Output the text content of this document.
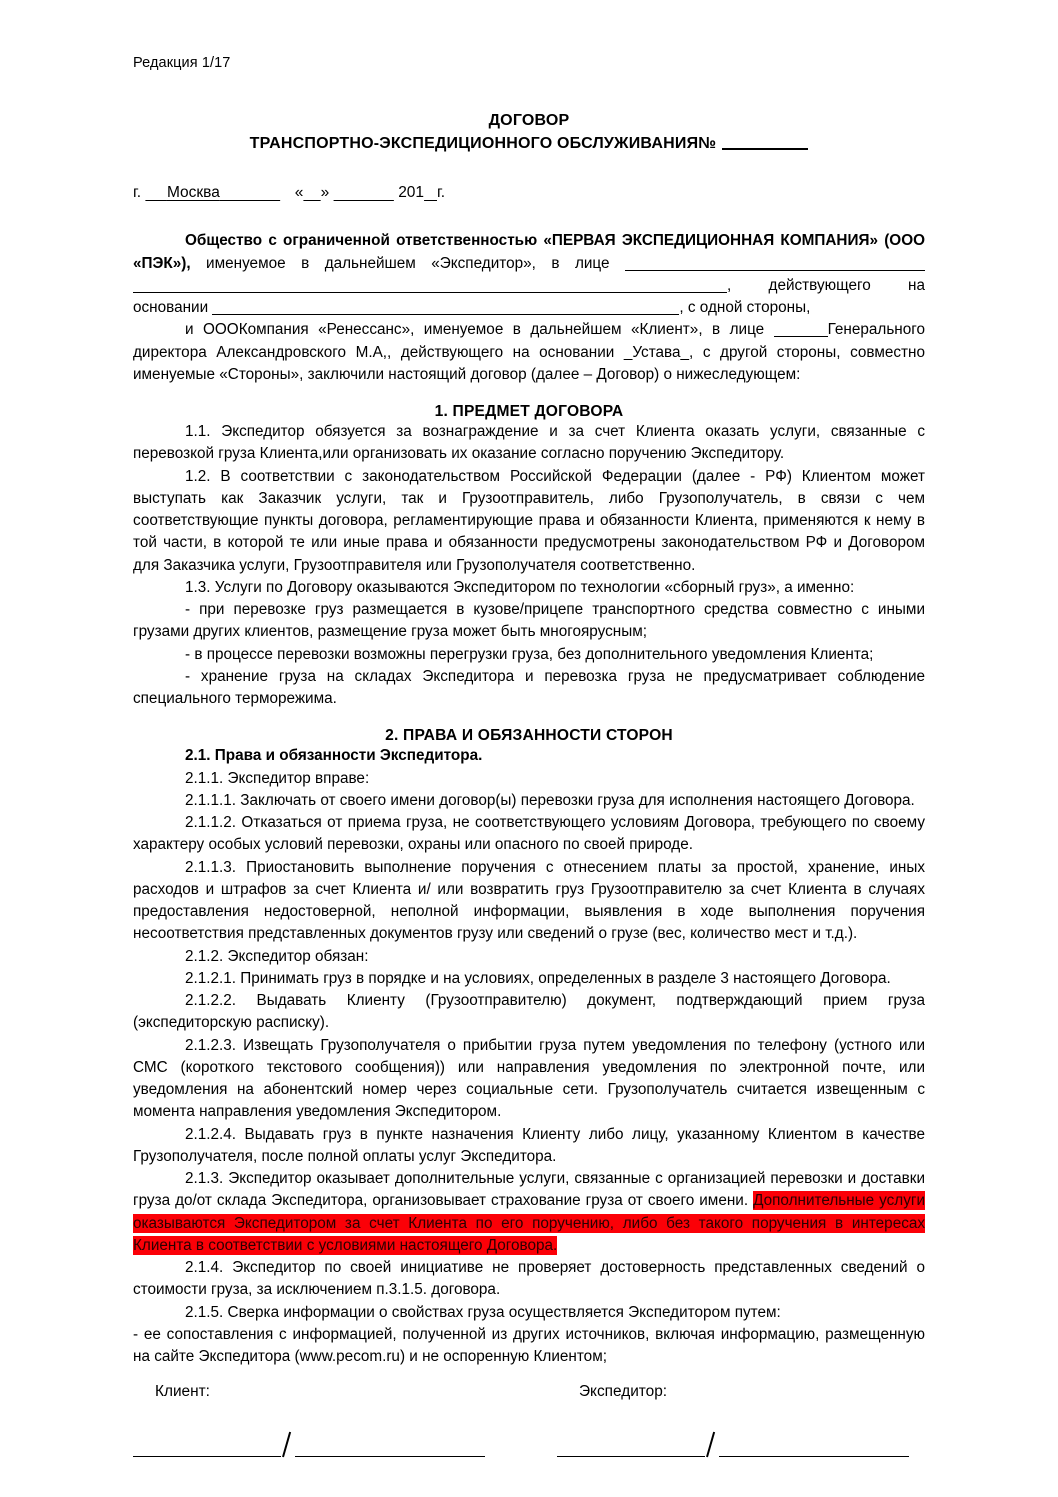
Редакция 1/17
ДОГОВОР
ТРАНСПОРТНО-ЭКСПЕДИЦИОННОГО ОБСЛУЖИВАНИЯ№
г. Москва	« »	201 г.

Общество с ограниченной ответственностью «ПЕРВАЯ ЭКСПЕДИЦИОННАЯ КОМПАНИЯ» (ООО «ПЭК»), именуемое в дальнейшем «Экспедитор», в лице , действующего на основании	, с одной стороны,

и ОООКомпания «Ренессанс», именуемое в дальнейшем «Клиент», в лице	Генерального директора Александровского М.А,, действующего на основании _Устава_, с другой стороны, совместно именуемые «Стороны», заключили настоящий договор (далее – Договор) о нижеследующем:

1. ПРЕДМЕТ ДОГОВОРА

1.1. Экспедитор обязуется за вознаграждение и за счет Клиента оказать услуги, связанные с перевозкой груза Клиента,или организовать их оказание согласно поручению Экспедитору.

1.2. В соответствии с законодательством Российской Федерации (далее - РФ) Клиентом может выступать как Заказчик услуги, так и Грузоотправитель, либо Грузополучатель, в связи с чем соответствующие пункты договора, регламентирующие права и обязанности Клиента, применяются к нему в той части, в которой те или иные права и обязанности предусмотрены законодательством РФ и Договором для Заказчика услуги, Грузоотправителя или Грузополучателя соответственно.

1.3. Услуги по Договору оказываются Экспедитором по технологии «сборный груз», а именно:

- при перевозке груз размещается в кузове/прицепе транспортного средства совместно с иными грузами других клиентов, размещение груза может быть многоярусным;

- в процессе перевозки возможны перегрузки груза, без дополнительного уведомления Клиента;

- хранение груза на складах Экспедитора и перевозка груза не предусматривает соблюдение специального терморежима.

2. ПРАВА И ОБЯЗАННОСТИ СТОРОН

2.1. Права и обязанности Экспедитора.

2.1.1. Экспедитор вправе:

2.1.1.1. Заключать от своего имени договор(ы) перевозки груза для исполнения настоящего Договора.

2.1.1.2. Отказаться от приема груза, не соответствующего условиям Договора, требующего по своему характеру особых условий перевозки, охраны или опасного по своей природе.

2.1.1.3. Приостановить выполнение поручения с отнесением платы за простой, хранение, иных расходов и штрафов за счет Клиента и/ или возвратить груз Грузоотправителю за счет Клиента в случаях предоставления недостоверной, неполной информации, выявления в ходе выполнения поручения несоответствия представленных документов грузу или сведений о грузе (вес, количество мест и т.д.).

2.1.2. Экспедитор обязан:

2.1.2.1. Принимать груз в порядке и на условиях, определенных в разделе 3 настоящего Договора.

2.1.2.2. Выдавать Клиенту (Грузоотправителю) документ, подтверждающий прием груза (экспедиторскую расписку).

2.1.2.3. Извещать Грузополучателя о прибытии груза путем уведомления по телефону (устного или СМС (короткого текстового сообщения)) или направления уведомления по электронной почте, или уведомления на абонентский номер через социальные сети. Грузополучатель считается извещенным с момента направления уведомления Экспедитором.

2.1.2.4. Выдавать груз в пункте назначения Клиенту либо лицу, указанному Клиентом в качестве Грузополучателя, после полной оплаты услуг Экспедитора.

2.1.3. Экспедитор оказывает дополнительные услуги, связанные с организацией перевозки и доставки груза до/от склада Экспедитора, организовывает страхование груза от своего имени. Дополнительные услуги оказываются Экспедитором за счет Клиента по его поручению, либо без такого поручения в интересах Клиента в соответствии с условиями настоящего Договора.

2.1.4. Экспедитор по своей инициативе не проверяет достоверность представленных сведений о стоимости груза, за исключением п.3.1.5. договора.

2.1.5. Сверка информации о свойствах груза осуществляется Экспедитором путем:

- ее сопоставления с информацией, полученной из других источников, включая информацию, размещенную на сайте Экспедитора (www.pecom.ru) и не оспоренную Клиентом;

Клиент:	Экспедитор:
